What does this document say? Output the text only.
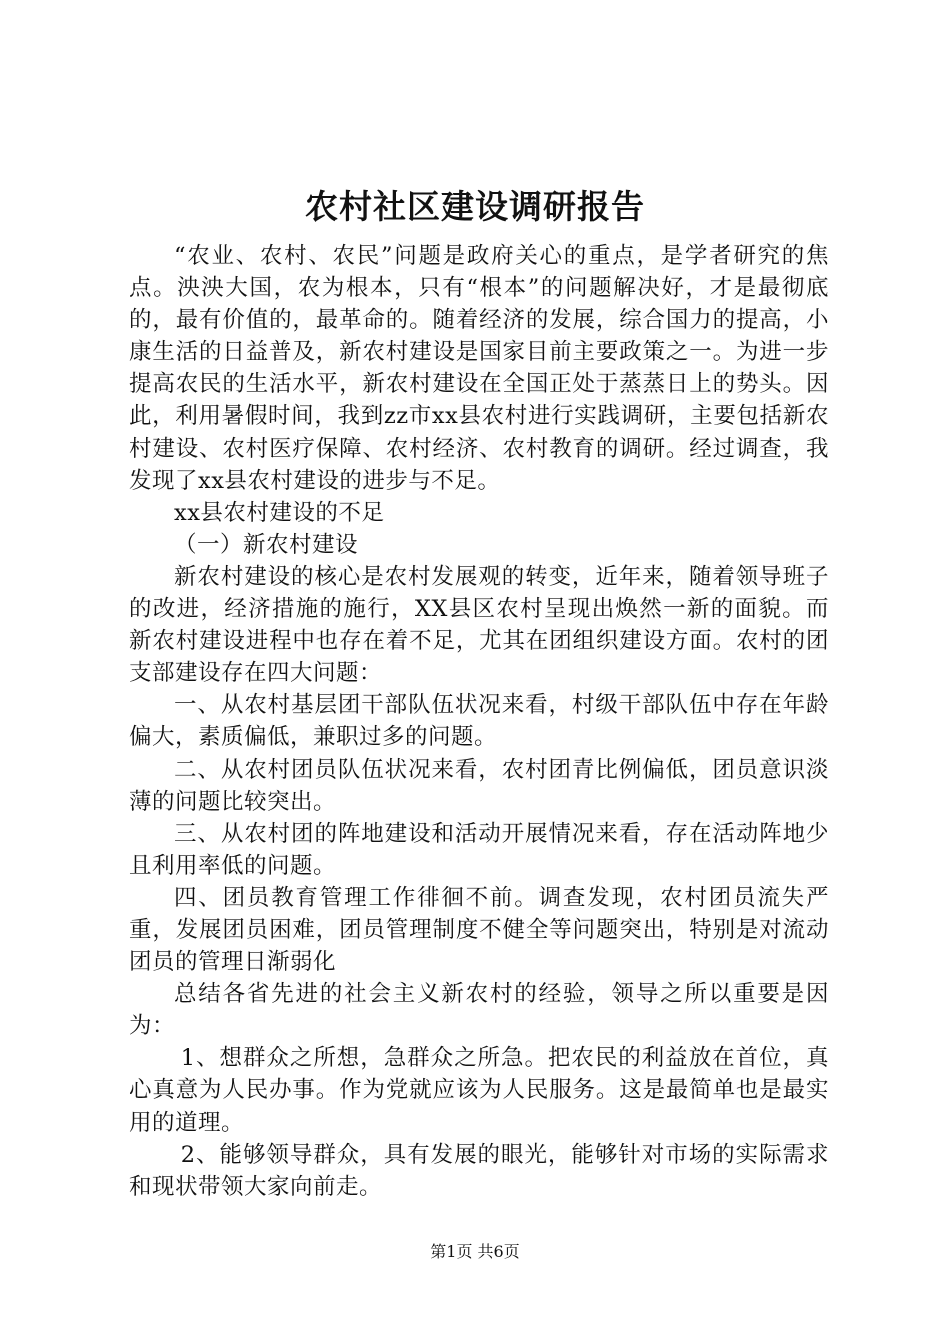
农村社区建设调研报告

“农业、农村、农民”问题是政府关心的重点，是学者研究的焦点。泱泱大国，农为根本，只有“根本”的问题解决好，才是最彻底的，最有价值的，最革命的。随着经济的发展，综合国力的提高，小康生活的日益普及，新农村建设是国家目前主要政策之一。为进一步提高农民的生活水平，新农村建设在全国正处于蒸蒸日上的势头。因此，利用暑假时间，我到zz市xx县农村进行实践调研，主要包括新农村建设、农村医疗保障、农村经济、农村教育的调研。经过调查，我发现了xx县农村建设的进步与不足。

xx县农村建设的不足

（一）新农村建设

新农村建设的核心是农村发展观的转变，近年来，随着领导班子的改进，经济措施的施行，XX县区农村呈现出焕然一新的面貌。而新农村建设进程中也存在着不足，尤其在团组织建设方面。农村的团支部建设存在四大问题：

一、从农村基层团干部队伍状况来看，村级干部队伍中存在年龄偏大，素质偏低，兼职过多的问题。

二、从农村团员队伍状况来看，农村团青比例偏低，团员意识淡薄的问题比较突出。

三、从农村团的阵地建设和活动开展情况来看，存在活动阵地少且利用率低的问题。

四、团员教育管理工作徘徊不前。调查发现，农村团员流失严重，发展团员困难，团员管理制度不健全等问题突出，特别是对流动团员的管理日渐弱化

总结各省先进的社会主义新农村的经验，领导之所以重要是因为：

1、想群众之所想，急群众之所急。把农民的利益放在首位，真心真意为人民办事。作为党就应该为人民服务。这是最简单也是最实用的道理。

2、能够领导群众，具有发展的眼光，能够针对市场的实际需求和现状带领大家向前走。

第1页 共6页
